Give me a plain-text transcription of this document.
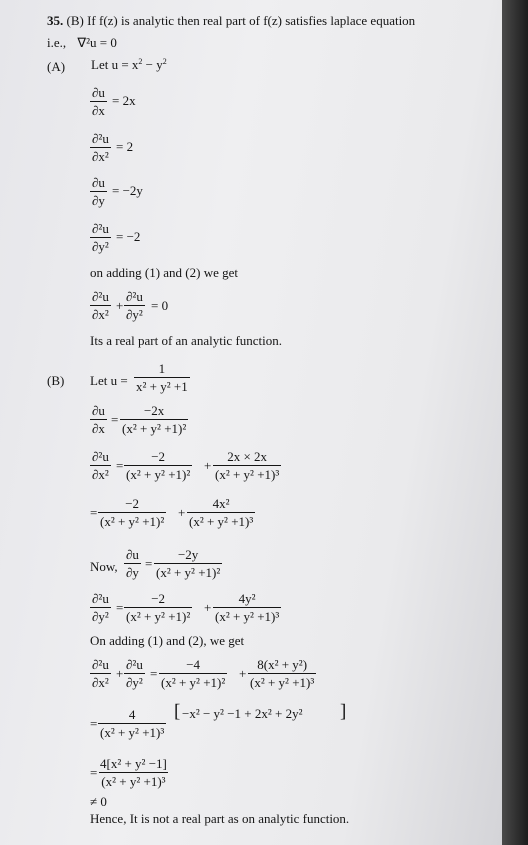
35. (B) If f(z) is analytic then real part of f(z) satisfies laplace equation
i.e., ∇²u = 0
(A) Let $u = x^2 - y^2$
∂u
∂x
= 2x
∂²u
∂x²
= 2
∂u
∂y
= −2y
∂²u
∂y²
= −2
on adding (1) and (2) we get
∂²u
∂x²
+
∂²u
∂y²
= 0
Its a real part of an analytic function.
(B) Let u =
1
x² + y² +1
∂u
∂x
=
−2x
(x² + y² +1)²
∂²u
∂x²
=
−2
(x² + y² +1)²
+
2x × 2x
(x² + y² +1)³
=
−2
(x² + y² +1)²
+
4x²
(x² + y² +1)³
Now,
∂u
∂y
=
−2y
(x² + y² +1)²
∂²u
∂y²
=
−2
(x² + y² +1)²
+
4y²
(x² + y² +1)³
On adding (1) and (2), we get
∂²u
∂x²
+
∂²u
∂y²
=
−4
(x² + y² +1)²
+
8(x² + y²)
(x² + y² +1)³
=
4
(x² + y² +1)³
[ −x² − y² −1 + 2x² + 2y² ]
=
4[x² + y² −1]
(x² + y² +1)³
≠ 0
Hence, It is not a real part as on analytic function.
